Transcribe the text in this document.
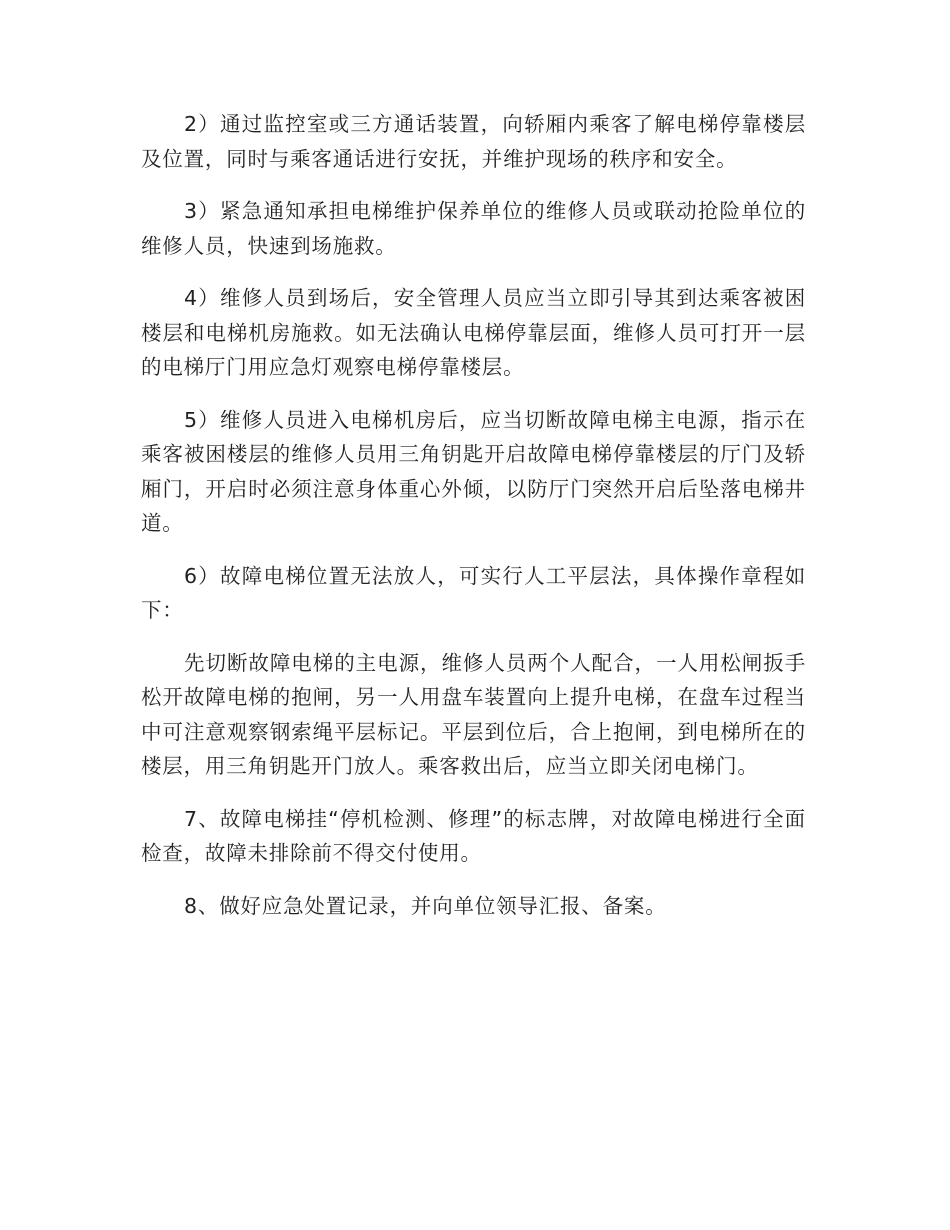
2）通过监控室或三方通话装置，向轿厢内乘客了解电梯停靠楼层及位置，同时与乘客通话进行安抚，并维护现场的秩序和安全。

3）紧急通知承担电梯维护保养单位的维修人员或联动抢险单位的维修人员，快速到场施救。

4）维修人员到场后，安全管理人员应当立即引导其到达乘客被困楼层和电梯机房施救。如无法确认电梯停靠层面，维修人员可打开一层的电梯厅门用应急灯观察电梯停靠楼层。

5）维修人员进入电梯机房后，应当切断故障电梯主电源，指示在乘客被困楼层的维修人员用三角钥匙开启故障电梯停靠楼层的厅门及轿厢门，开启时必须注意身体重心外倾，以防厅门突然开启后坠落电梯井道。

6）故障电梯位置无法放人，可实行人工平层法，具体操作章程如下：

先切断故障电梯的主电源，维修人员两个人配合，一人用松闸扳手松开故障电梯的抱闸，另一人用盘车装置向上提升电梯，在盘车过程当中可注意观察钢索绳平层标记。平层到位后，合上抱闸，到电梯所在的楼层，用三角钥匙开门放人。乘客救出后，应当立即关闭电梯门。

7、故障电梯挂“停机检测、修理”的标志牌，对故障电梯进行全面检查，故障未排除前不得交付使用。

8、做好应急处置记录，并向单位领导汇报、备案。
